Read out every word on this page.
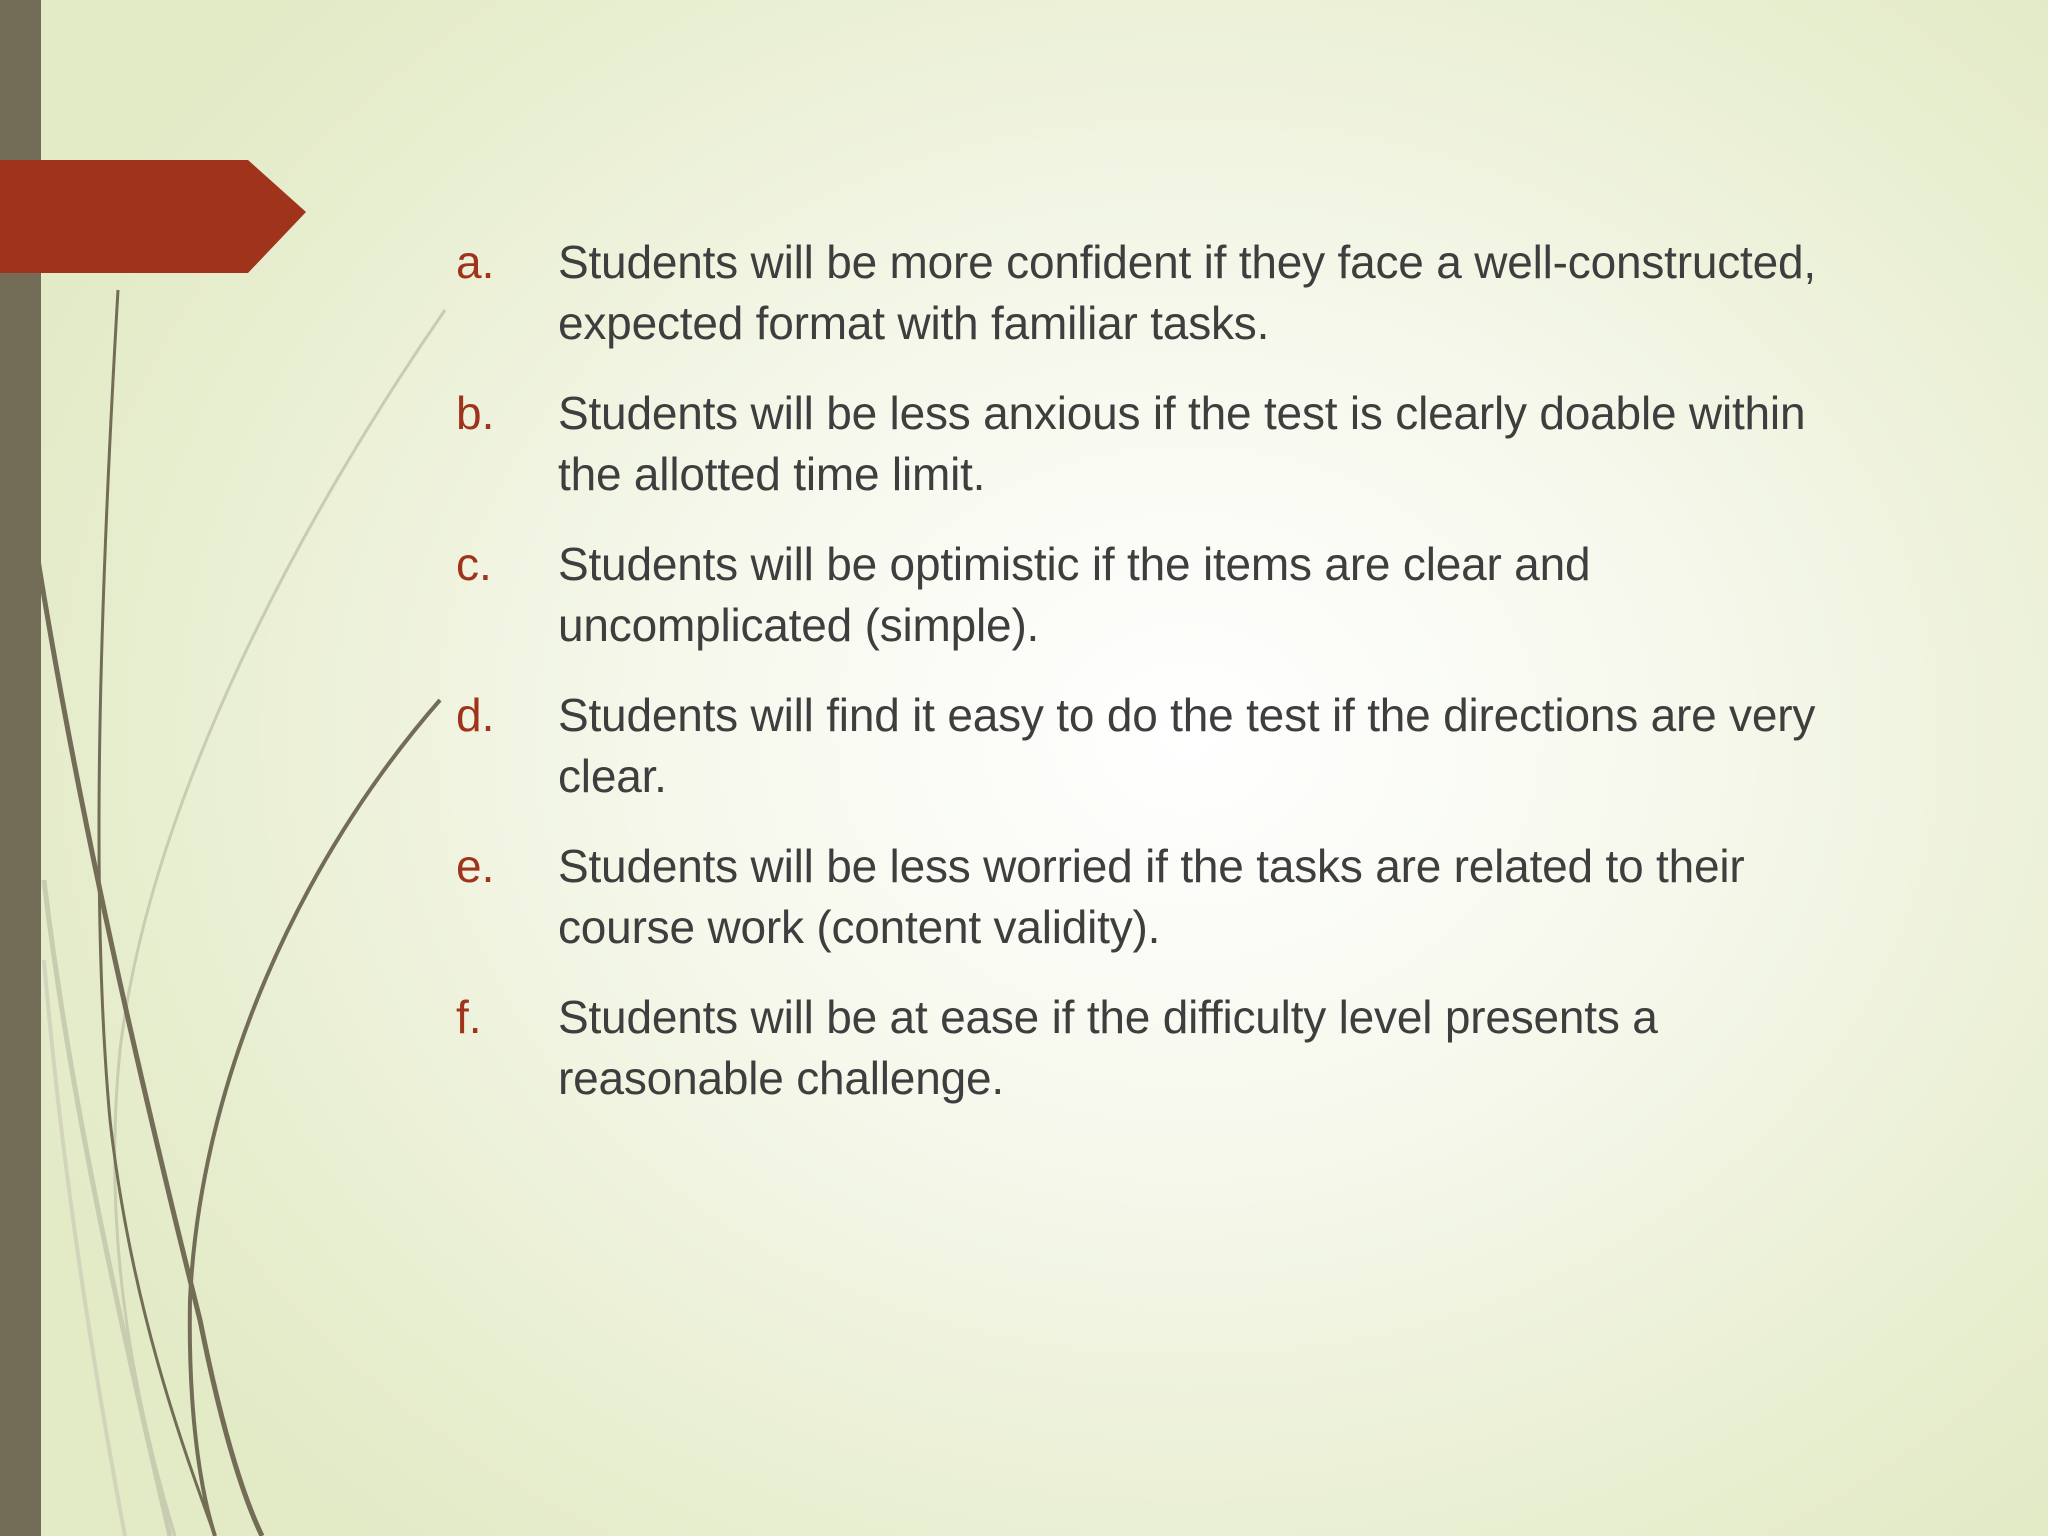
a.	Students will be more confident if they face a well-constructed, expected format with familiar tasks.
b.	Students will be less anxious if the test is clearly doable within the allotted time limit.
c.	Students will be optimistic if the items are clear and uncomplicated (simple).
d.	Students will find it easy to do the test if the directions are very clear.
e.	Students will be less worried if the tasks are related to their course work (content validity).
f.	Students will be at ease if the difficulty level presents a reasonable challenge.
